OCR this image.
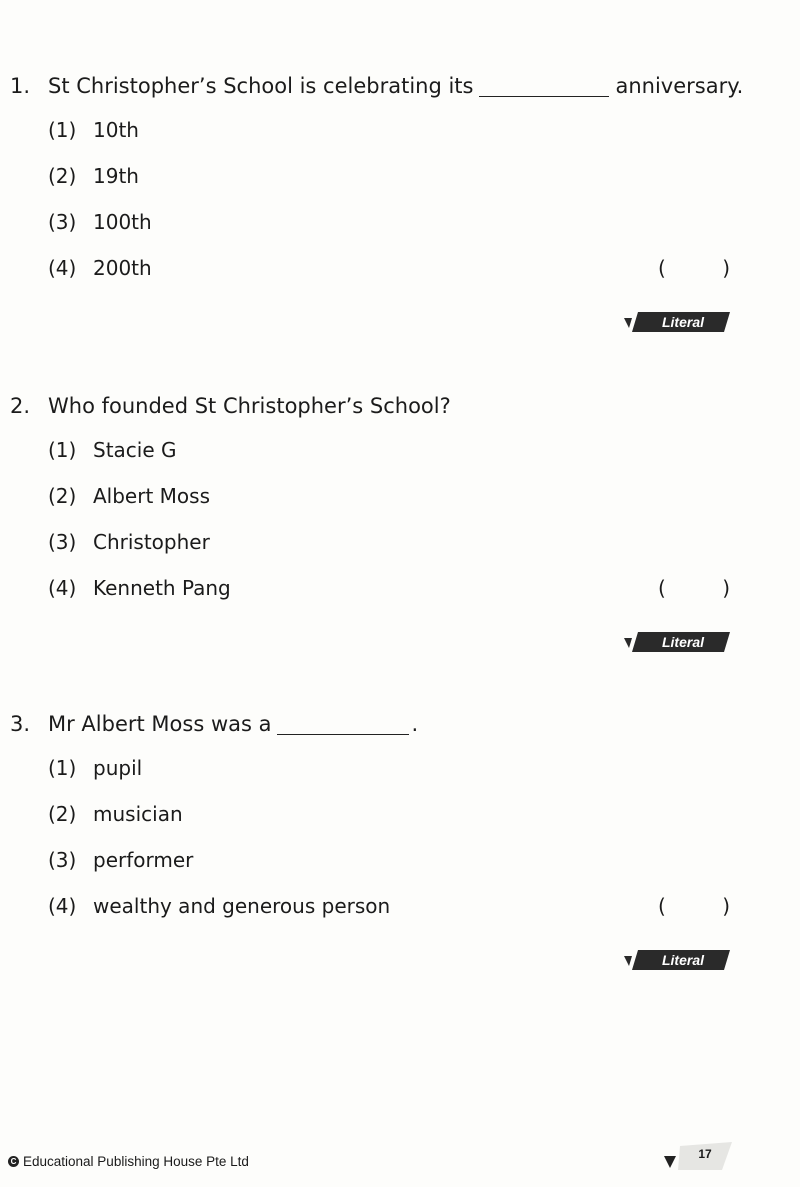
1. St Christopher’s School is celebrating its	anniversary.
(1) 10th
(2) 19th
(3) 100th
(4) 200th	(	)
Literal
2. Who founded St Christopher’s School?
(1) Stacie G
(2) Albert Moss
(3) Christopher
(4) Kenneth Pang	(	)
Literal
3. Mr Albert Moss was a	.
(1) pupil
(2) musician
(3) performer
(4) wealthy and generous person	(	)
Literal
C Educational Publishing House Pte Ltd	17
